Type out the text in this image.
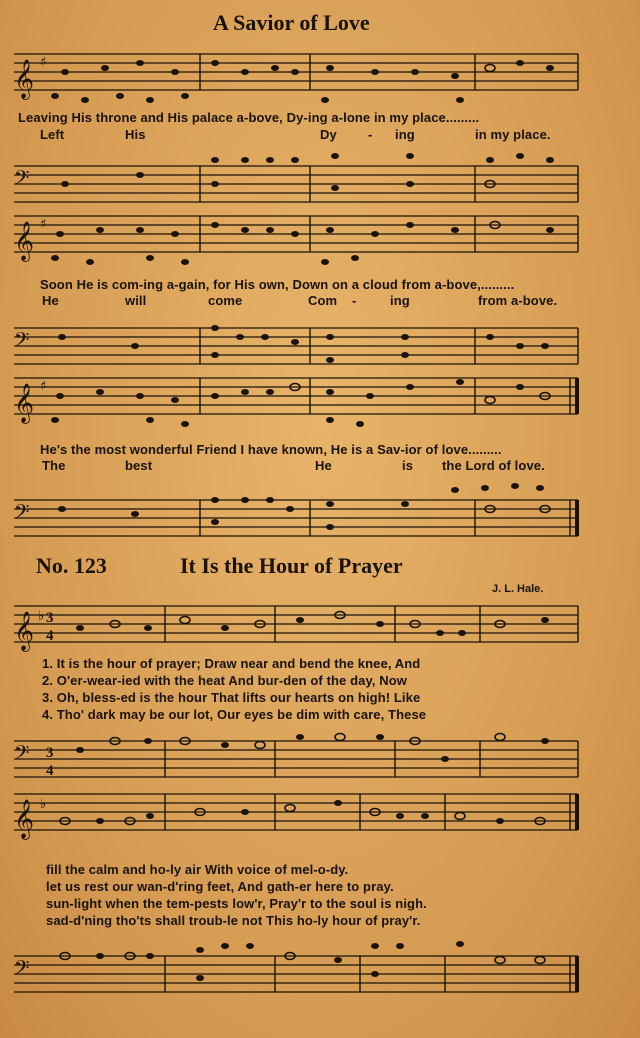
A Savior of Love
𝄞 ♯
Leaving His throne and His palace a-bove, Dy-ing a-lone in my place.........
Left	His	Dy - ing	in my place.
𝄢
𝄞 ♯
Soon He is com-ing a-gain, for His own, Down on a cloud from a-bove,.........
He	will	come	Com -	ing	from a-bove.
𝄢
𝄞 ♯
He's the most wonderful Friend I have known, He is a Sav-ior of love.........
The	best	He	is the Lord of love.
𝄢
No. 123	It Is the Hour of Prayer
J. L. Hale.
𝄞 ♭ 3
4
1. It is the hour of prayer; Draw near and bend the knee, And
2. O'er-wear-ied with the heat And bur-den of the day, Now
3. Oh, bless-ed is the hour That lifts our hearts on high! Like
4. Tho' dark may be our lot, Our eyes be dim with care, These
𝄢 3
4
𝄞 ♭
fill the calm and ho-ly air With voice of mel-o-dy.
let us rest our wan-d'ring feet, And gath-er here to pray.
sun-light when the tem-pests low'r, Pray'r to the soul is nigh.
sad-d'ning tho'ts shall troub-le not This ho-ly hour of pray'r.
𝄢
